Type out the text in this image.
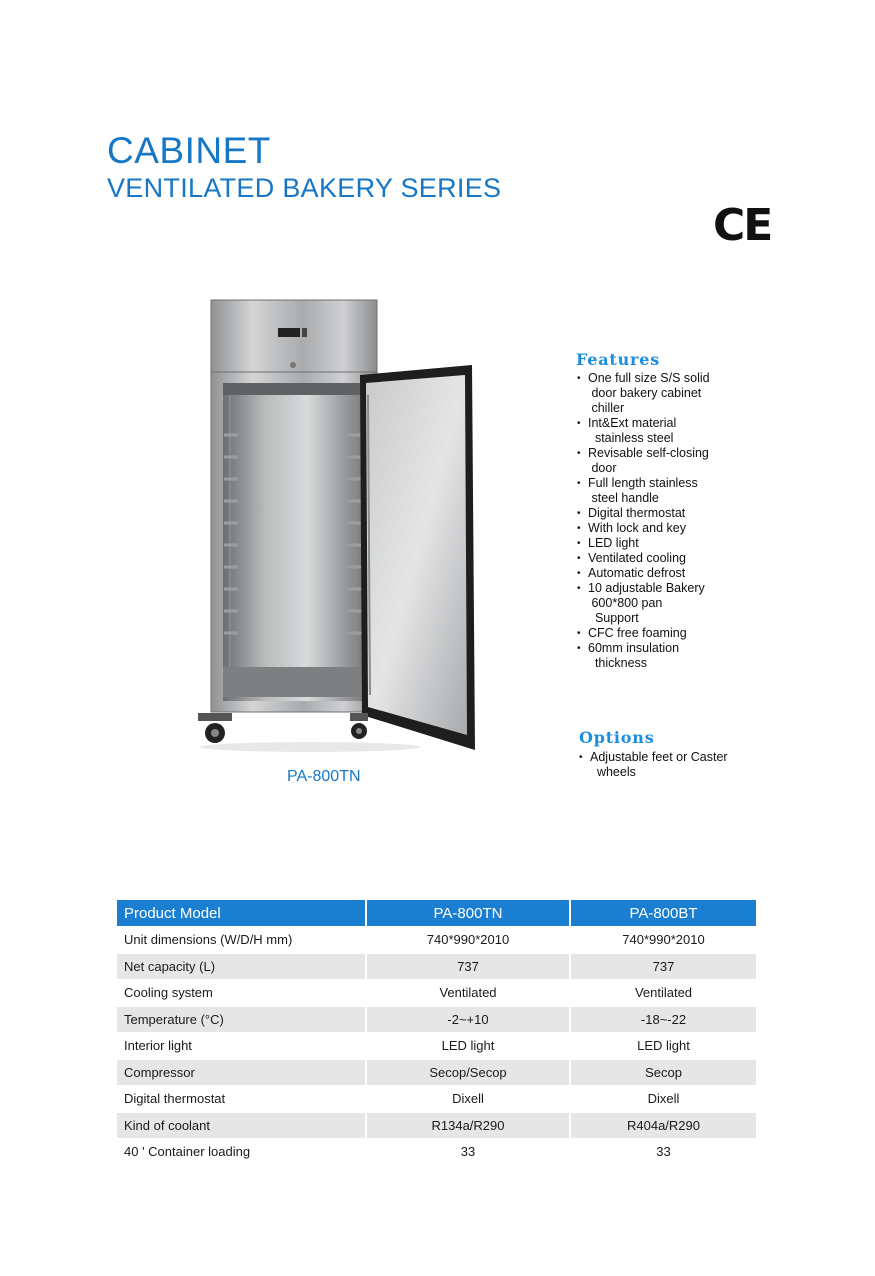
CABINET
VENTILATED BAKERY SERIES
CE
PA-800TN
Features
• One full size S/S solid
door bakery cabinet
chiller
• Int&Ext material
stainless steel
• Revisable self-closing
door
• Full length stainless
steel handle
• Digital thermostat
• With lock and key
• LED light
• Ventilated cooling
• Automatic defrost
• 10 adjustable Bakery
600*800 pan
Support
• CFC free foaming
• 60mm insulation
thickness
Options
• Adjustable feet or Caster
wheels
Product Model	PA-800TN	PA-800BT
Unit dimensions (W/D/H mm)	740*990*2010	740*990*2010
Net capacity (L)	737	737
Cooling system	Ventilated	Ventilated
Temperature (°C)	-2~+10	-18~-22
Interior light	LED light	LED light
Compressor	Secop/Secop	Secop
Digital thermostat	Dixell	Dixell
Kind of coolant	R134a/R290	R404a/R290
40 ' Container loading	33	33
